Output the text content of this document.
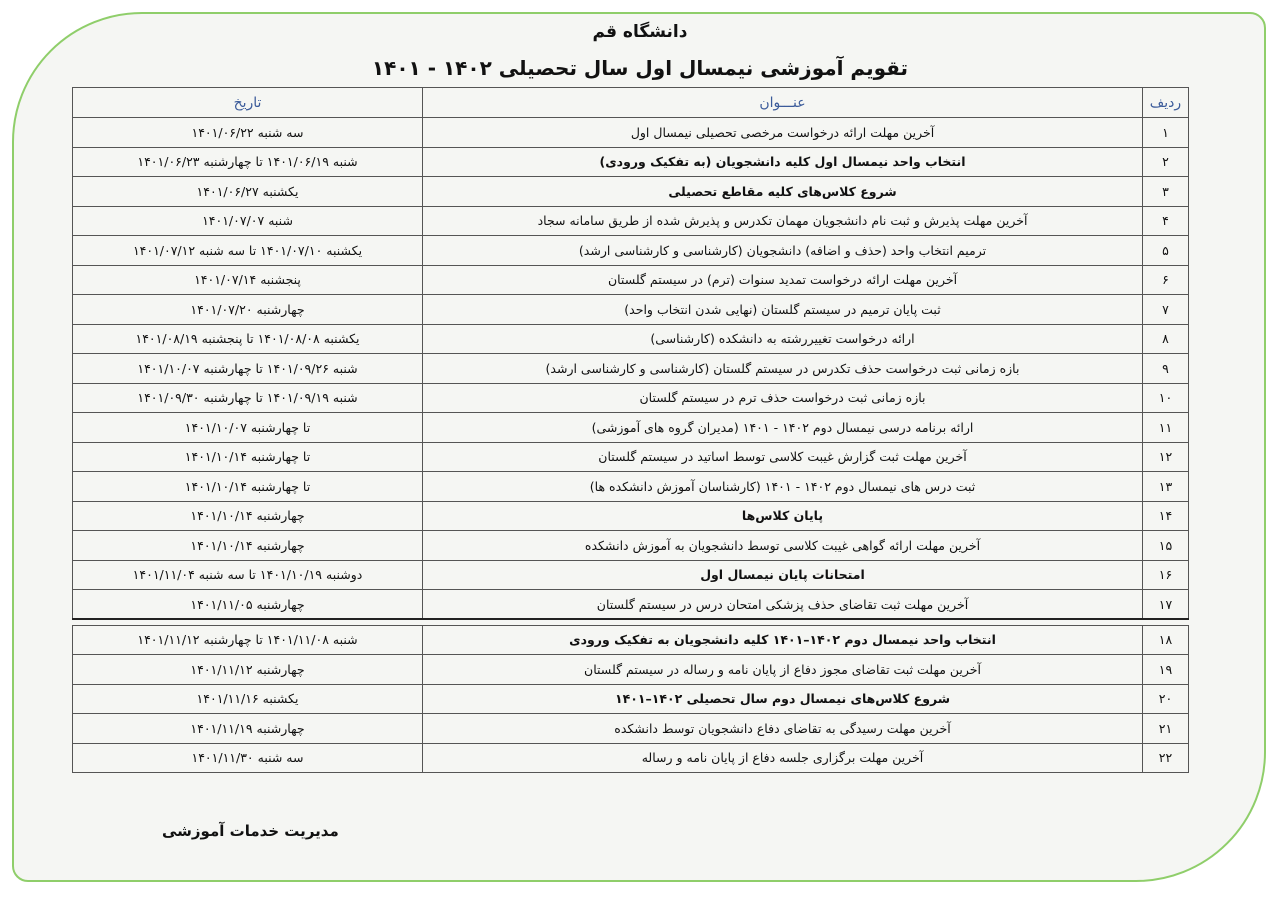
دانشگاه قم
تقویم آموزشی نیمسال اول سال تحصیلی ۱۴۰۲ - ۱۴۰۱
ردیف	عنـــوان	تاریخ
۱	آخرین مهلت ارائه درخواست مرخصی تحصیلی نیمسال اول	سه شنبه ۱۴۰۱/۰۶/۲۲
۲	انتخاب واحد نیمسال اول کلیه دانشجویان (به تفکیک ورودی)	شنبه ۱۴۰۱/۰۶/۱۹ تا چهارشنبه ۱۴۰۱/۰۶/۲۳
۳	شروع کلاس‌های کلیه مقاطع تحصیلی	یکشنبه ۱۴۰۱/۰۶/۲۷
۴	آخرین مهلت پذیرش و ثبت نام دانشجویان مهمان تکدرس و پذیرش شده از طریق سامانه سجاد	شنبه ۱۴۰۱/۰۷/۰۷
۵	ترمیم انتخاب واحد (حذف و اضافه) دانشجویان (کارشناسی و کارشناسی ارشد)	یکشنبه ۱۴۰۱/۰۷/۱۰ تا سه شنبه ۱۴۰۱/۰۷/۱۲
۶	آخرین مهلت ارائه درخواست تمدید سنوات (ترم) در سیستم گلستان	پنجشنبه ۱۴۰۱/۰۷/۱۴
۷	ثبت پایان ترمیم در سیستم گلستان (نهایی شدن انتخاب واحد)	چهارشنبه ۱۴۰۱/۰۷/۲۰
۸	ارائه درخواست تغییررشته به دانشکده (کارشناسی)	یکشنبه ۱۴۰۱/۰۸/۰۸ تا پنجشنبه ۱۴۰۱/۰۸/۱۹
۹	بازه زمانی ثبت درخواست حذف تکدرس در سیستم گلستان (کارشناسی و کارشناسی ارشد)	شنبه ۱۴۰۱/۰۹/۲۶ تا چهارشنبه ۱۴۰۱/۱۰/۰۷
۱۰	بازه زمانی ثبت درخواست حذف ترم در سیستم گلستان	شنبه ۱۴۰۱/۰۹/۱۹ تا چهارشنبه ۱۴۰۱/۰۹/۳۰
۱۱	ارائه برنامه درسی نیمسال دوم ۱۴۰۲ - ۱۴۰۱ (مدیران گروه های آموزشی)	تا چهارشنبه ۱۴۰۱/۱۰/۰۷
۱۲	آخرین مهلت ثبت گزارش غیبت کلاسی توسط اساتید در سیستم گلستان	تا چهارشنبه ۱۴۰۱/۱۰/۱۴
۱۳	ثبت درس های نیمسال دوم ۱۴۰۲ - ۱۴۰۱ (کارشناسان آموزش دانشکده ها)	تا چهارشنبه ۱۴۰۱/۱۰/۱۴
۱۴	پایان کلاس‌ها	چهارشنبه ۱۴۰۱/۱۰/۱۴
۱۵	آخرین مهلت ارائه گواهی غیبت کلاسی توسط دانشجویان به آموزش دانشکده	چهارشنبه ۱۴۰۱/۱۰/۱۴
۱۶	امتحانات پایان نیمسال اول	دوشنبه ۱۴۰۱/۱۰/۱۹ تا سه شنبه ۱۴۰۱/۱۱/۰۴
۱۷	آخرین مهلت ثبت تقاضای حذف پزشکی امتحان درس در سیستم گلستان	چهارشنبه ۱۴۰۱/۱۱/۰۵

۱۸	انتخاب واحد نیمسال دوم ۱۴۰۲–۱۴۰۱ کلیه دانشجویان به تفکیک ورودی	شنبه ۱۴۰۱/۱۱/۰۸ تا چهارشنبه ۱۴۰۱/۱۱/۱۲
۱۹	آخرین مهلت ثبت تقاضای مجوز دفاع از پایان نامه و رساله در سیستم گلستان	چهارشنبه ۱۴۰۱/۱۱/۱۲
۲۰	شروع کلاس‌های نیمسال دوم سال تحصیلی ۱۴۰۲–۱۴۰۱	یکشنبه ۱۴۰۱/۱۱/۱۶
۲۱	آخرین مهلت رسیدگی به تقاضای دفاع دانشجویان توسط دانشکده	چهارشنبه ۱۴۰۱/۱۱/۱۹
۲۲	آخرین مهلت برگزاری جلسه دفاع از پایان نامه و رساله	سه شنبه ۱۴۰۱/۱۱/۳۰
مدیریت خدمات آموزشی
